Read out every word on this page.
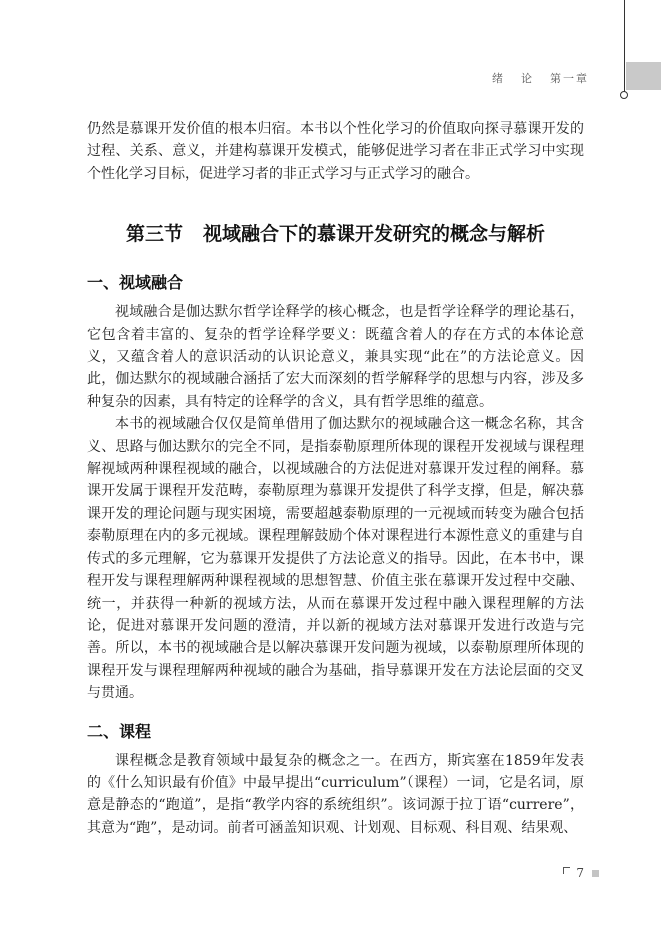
绪 论 第一章

仍然是慕课开发价值的根本归宿。本书以个性化学习的价值取向探寻慕课开发的过程、关系、意义，并建构慕课开发模式，能够促进学习者在非正式学习中实现个性化学习目标，促进学习者的非正式学习与正式学习的融合。

第三节 视域融合下的慕课开发研究的概念与解析
一、视域融合

视域融合是伽达默尔哲学诠释学的核心概念，也是哲学诠释学的理论基石，它包含着丰富的、复杂的哲学诠释学要义：既蕴含着人的存在方式的本体论意义，又蕴含着人的意识活动的认识论意义，兼具实现“此在”的方法论意义。因此，伽达默尔的视域融合涵括了宏大而深刻的哲学解释学的思想与内容，涉及多种复杂的因素，具有特定的诠释学的含义，具有哲学思维的蕴意。

本书的视域融合仅仅是简单借用了伽达默尔的视域融合这一概念名称，其含义、思路与伽达默尔的完全不同，是指泰勒原理所体现的课程开发视域与课程理解视域两种课程视域的融合，以视域融合的方法促进对慕课开发过程的阐释。慕课开发属于课程开发范畴，泰勒原理为慕课开发提供了科学支撑，但是，解决慕课开发的理论问题与现实困境，需要超越泰勒原理的一元视域而转变为融合包括泰勒原理在内的多元视域。课程理解鼓励个体对课程进行本源性意义的重建与自传式的多元理解，它为慕课开发提供了方法论意义的指导。因此，在本书中，课程开发与课程理解两种课程视域的思想智慧、价值主张在慕课开发过程中交融、统一，并获得一种新的视域方法，从而在慕课开发过程中融入课程理解的方法论，促进对慕课开发问题的澄清，并以新的视域方法对慕课开发进行改造与完善。所以，本书的视域融合是以解决慕课开发问题为视域，以泰勒原理所体现的课程开发与课程理解两种视域的融合为基础，指导慕课开发在方法论层面的交叉与贯通。

二、课程

课程概念是教育领域中最复杂的概念之一。在西方，斯宾塞在1859年发表的《什么知识最有价值》中最早提出“curriculum”（课程）一词，它是名词，原意是静态的“跑道”，是指“教学内容的系统组织”。该词源于拉丁语“currere”，其意为“跑”，是动词。前者可涵盖知识观、计划观、目标观、科目观、结果观、

7
